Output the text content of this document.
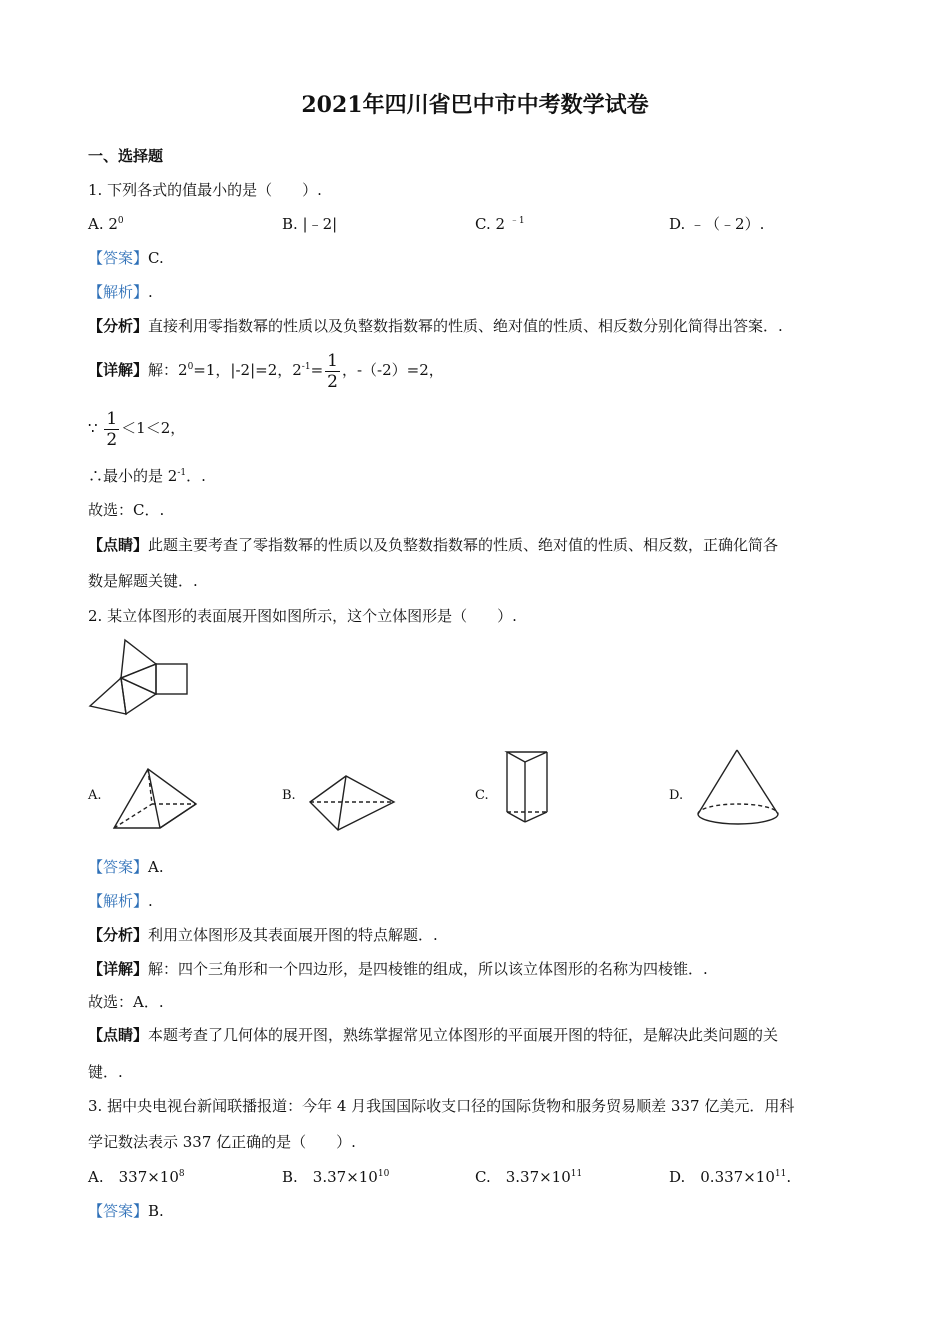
2021年四川省巴中市中考数学试卷
一、选择题
1. 下列各式的值最小的是（　　）.
A. $2^0$	B. |﹣2|	C. 2 $^{﹣1}$	D. ﹣（﹣2）.
【答案】C.
【解析】.
【分析】直接利用零指数幂的性质以及负整数指数幂的性质、绝对值的性质、相反数分别化简得出答案．.
【详解】解：$2^0=1$，|-2|=2，$2^{-1}= \frac{1}{2}$ ，-（-2）=2，
∵ $\frac{1}{2} <1<2$，
∴最小的是 $2^{-1}$．.
故选：C．.
【点睛】此题主要考查了零指数幂的性质以及负整数指数幂的性质、绝对值的性质、相反数，正确化简各
数是解题关键．.
2. 某立体图形的表面展开图如图所示，这个立体图形是（　　）.
A.	B.	C.	D.
【答案】A.
【解析】.
【分析】利用立体图形及其表面展开图的特点解题．.
【详解】解：四个三角形和一个四边形，是四棱锥的组成，所以该立体图形的名称为四棱锥．.
故选：A．.
【点睛】本题考查了几何体的展开图，熟练掌握常见立体图形的平面展开图的特征，是解决此类问题的关
键．.
3. 据中央电视台新闻联播报道：今年 4 月我国国际收支口径的国际货物和服务贸易顺差 337 亿美元．用科
学记数法表示 337 亿正确的是（　　）.
A.　$337\times 10^8$	B.　$3.37\times 10^{10}$	C.　$3.37\times 10^{11}$	D.　$0.337\times 10^{11}$.
【答案】B.
